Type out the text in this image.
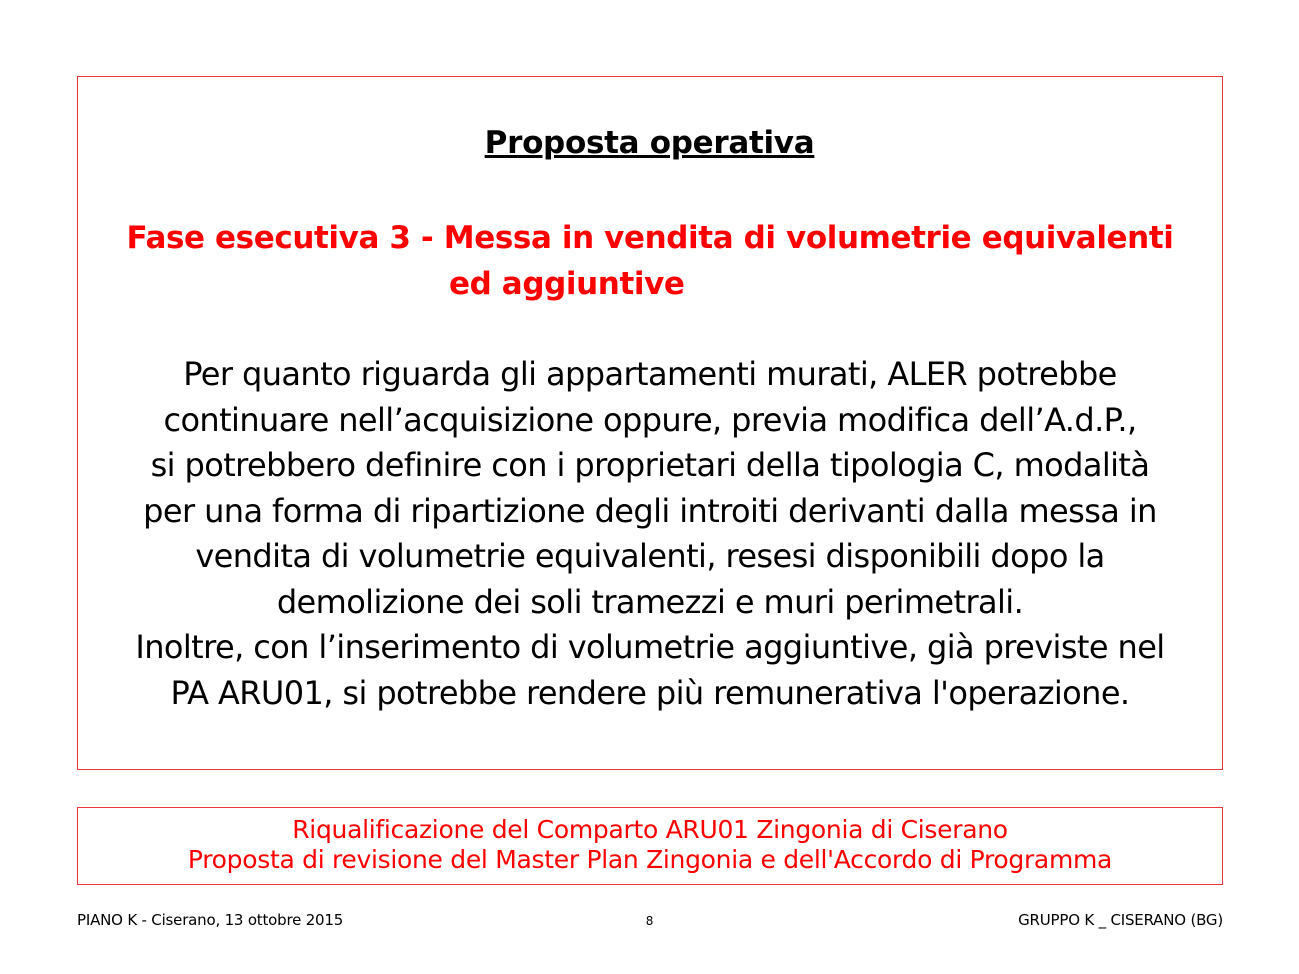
Proposta operativa
Fase esecutiva 3 - Messa in vendita di volumetrie equivalenti
ed aggiuntive
Per quanto riguarda gli appartamenti murati, ALER potrebbe
continuare nell’acquisizione oppure, previa modifica dell’A.d.P.,
si potrebbero definire con i proprietari della tipologia C, modalità
per una forma di ripartizione degli introiti derivanti dalla messa in
vendita di volumetrie equivalenti, resesi disponibili dopo la
demolizione dei soli tramezzi e muri perimetrali.
Inoltre, con l’inserimento di volumetrie aggiuntive, già previste nel
PA ARU01, si potrebbe rendere più remunerativa l'operazione.
Riqualificazione del Comparto ARU01 Zingonia di Ciserano
Proposta di revisione del Master Plan Zingonia e dell'Accordo di Programma
PIANO K - Ciserano, 13 ottobre 2015	8	GRUPPO K _ CISERANO (BG)
